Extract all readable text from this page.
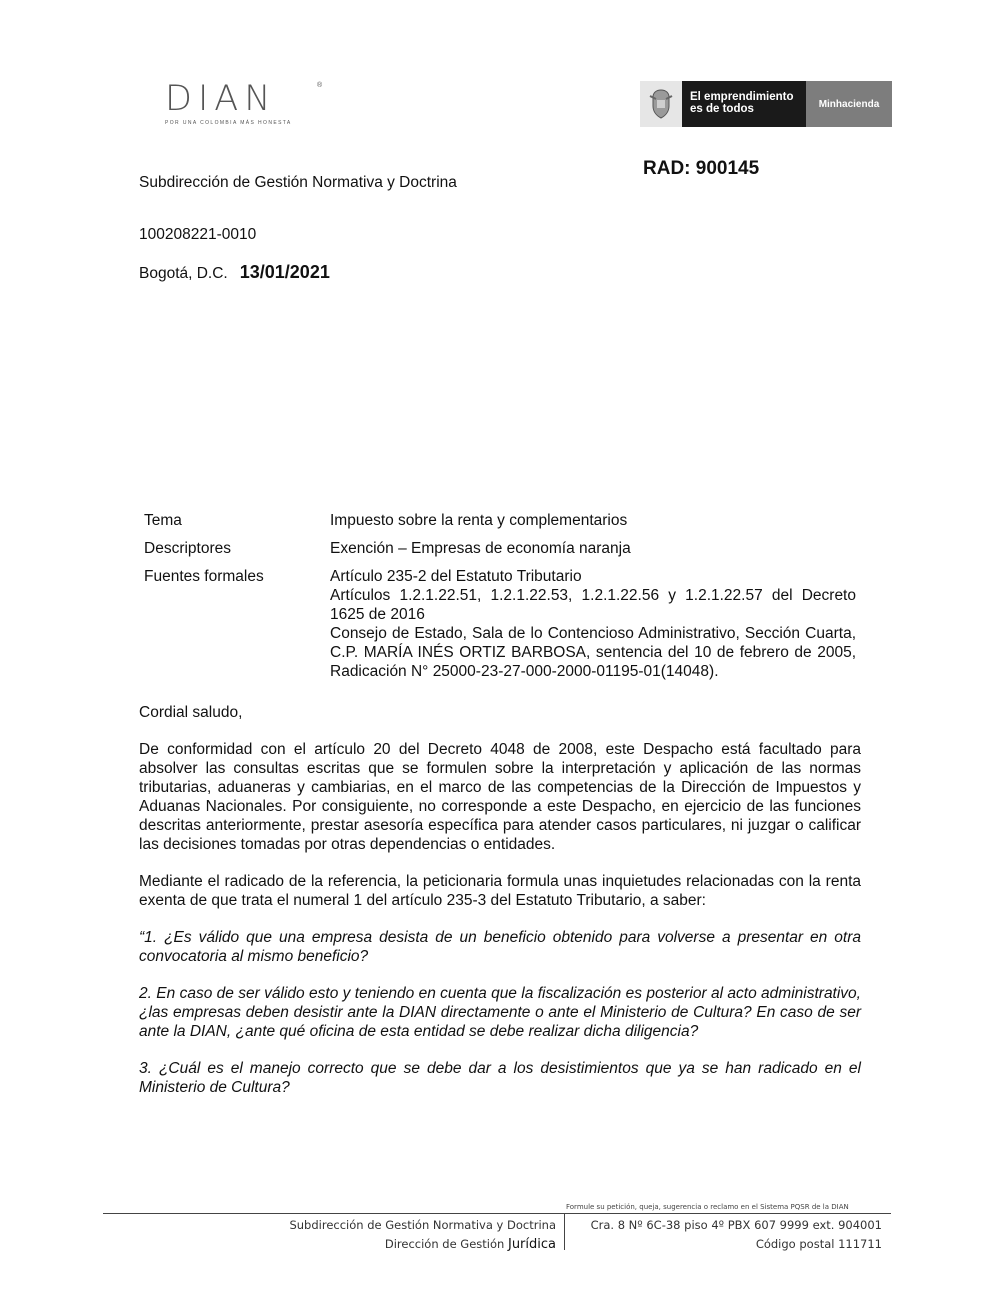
DIAN	®
POR UNA COLOMBIA MÁS HONESTA
El emprendimiento
es de todos	Minhacienda
Subdirección de Gestión Normativa y Doctrina
RAD: 900145
100208221-0010
Bogotá, D.C. 13/01/2021
Tema	Impuesto sobre la renta y complementarios
Descriptores	Exención – Empresas de economía naranja
Fuentes formales	Artículo 235-2 del Estatuto Tributario
Artículos 1.2.1.22.51, 1.2.1.22.53, 1.2.1.22.56 y 1.2.1.22.57 del Decreto 1625 de 2016
Consejo de Estado, Sala de lo Contencioso Administrativo, Sección Cuarta, C.P. MARÍA INÉS ORTIZ BARBOSA, sentencia del 10 de febrero de 2005, Radicación N° 25000-23-27-000-2000-01195-01(14048).

Cordial saludo,

De conformidad con el artículo 20 del Decreto 4048 de 2008, este Despacho está facultado para absolver las consultas escritas que se formulen sobre la interpretación y aplicación de las normas tributarias, aduaneras y cambiarias, en el marco de las competencias de la Dirección de Impuestos y Aduanas Nacionales. Por consiguiente, no corresponde a este Despacho, en ejercicio de las funciones descritas anteriormente, prestar asesoría específica para atender casos particulares, ni juzgar o calificar las decisiones tomadas por otras dependencias o entidades.

Mediante el radicado de la referencia, la peticionaria formula unas inquietudes relacionadas con la renta exenta de que trata el numeral 1 del artículo 235-3 del Estatuto Tributario, a saber:

“1. ¿Es válido que una empresa desista de un beneficio obtenido para volverse a presentar en otra convocatoria al mismo beneficio?

2. En caso de ser válido esto y teniendo en cuenta que la fiscalización es posterior al acto administrativo, ¿las empresas deben desistir ante la DIAN directamente o ante el Ministerio de Cultura? En caso de ser ante la DIAN, ¿ante qué oficina de esta entidad se debe realizar dicha diligencia?

3. ¿Cuál es el manejo correcto que se debe dar a los desistimientos que ya se han radicado en el Ministerio de Cultura?

Formule su petición, queja, sugerencia o reclamo en el Sistema PQSR de la DIAN
Subdirección de Gestión Normativa y Doctrina
Dirección de Gestión Jurídica
Cra. 8 Nº 6C-38 piso 4º PBX 607 9999 ext. 904001
Código postal 111711
